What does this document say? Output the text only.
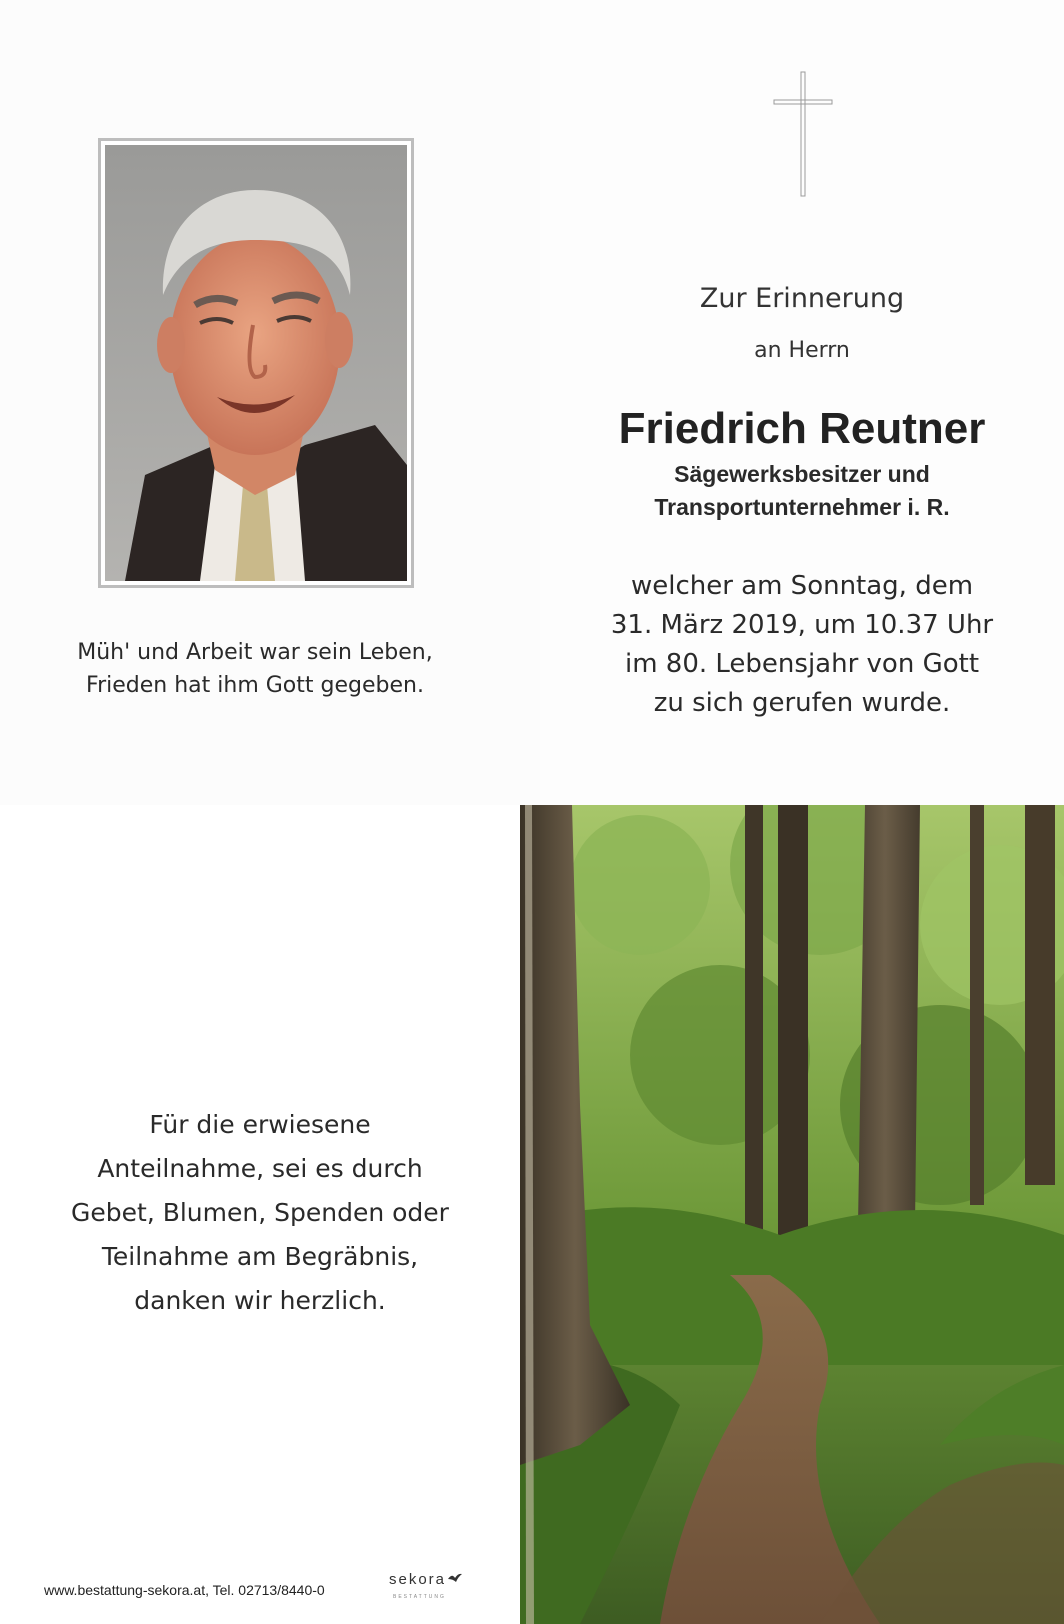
Müh' und Arbeit war sein Leben,
Frieden hat ihm Gott gegeben.
Zur Erinnerung
an Herrn
Friedrich Reutner
Sägewerksbesitzer und
Transportunternehmer i. R.
welcher am Sonntag, dem
31. März 2019, um 10.37 Uhr
im 80. Lebensjahr von Gott
zu sich gerufen wurde.
Für die erwiesene
Anteilnahme, sei es durch
Gebet, Blumen, Spenden oder
Teilnahme am Begräbnis,
danken wir herzlich.
www.bestattung-sekora.at, Tel. 02713/8440-0
sekora
BESTATTUNG
